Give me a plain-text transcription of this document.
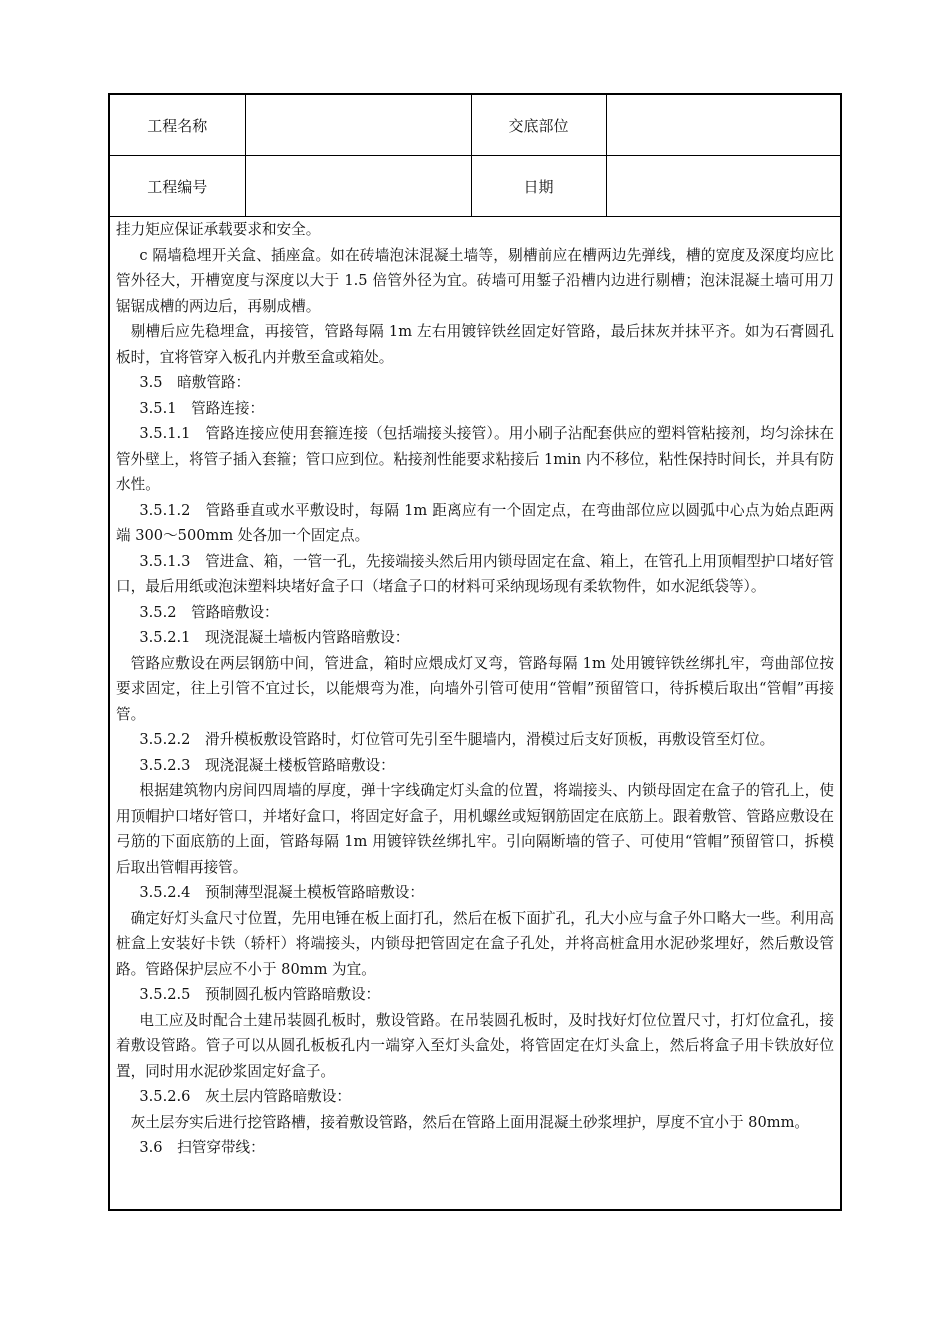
工程名称		交底部位	
工程编号		日期	

挂力矩应保证承载要求和安全。

c 隔墙稳埋开关盒、插座盒。如在砖墙泡沫混凝土墙等，剔槽前应在槽两边先弹线，槽的宽度及深度均应比管外径大，开槽宽度与深度以大于 1.5 倍管外径为宜。砖墙可用錾子沿槽内边进行剔槽；泡沫混凝土墙可用刀锯锯成槽的两边后，再剔成槽。

剔槽后应先稳埋盒，再接管，管路每隔 1m 左右用镀锌铁丝固定好管路，最后抹灰并抹平齐。如为石膏圆孔板时，宜将管穿入板孔内并敷至盒或箱处。

3.5　暗敷管路：

3.5.1　管路连接：

3.5.1.1　管路连接应使用套箍连接（包括端接头接管）。用小刷子沾配套供应的塑料管粘接剂，均匀涂抹在管外壁上，将管子插入套箍；管口应到位。粘接剂性能要求粘接后 1min 内不移位，粘性保持时间长，并具有防水性。

3.5.1.2　管路垂直或水平敷设时，每隔 1m 距离应有一个固定点，在弯曲部位应以圆弧中心点为始点距两端 300～500mm 处各加一个固定点。

3.5.1.3　管进盒、箱，一管一孔，先接端接头然后用内锁母固定在盒、箱上，在管孔上用顶帽型护口堵好管口，最后用纸或泡沫塑料块堵好盒子口（堵盒子口的材料可采纳现场现有柔软物件，如水泥纸袋等）。

3.5.2　管路暗敷设：

3.5.2.1　现浇混凝土墙板内管路暗敷设：

管路应敷设在两层钢筋中间，管进盒，箱时应煨成灯叉弯，管路每隔 1m 处用镀锌铁丝绑扎牢，弯曲部位按要求固定，往上引管不宜过长，以能煨弯为准，向墙外引管可使用“管帽”预留管口，待拆模后取出“管帽”再接管。

3.5.2.2　滑升模板敷设管路时，灯位管可先引至牛腿墙内，滑模过后支好顶板，再敷设管至灯位。

3.5.2.3　现浇混凝土楼板管路暗敷设：

根据建筑物内房间四周墙的厚度，弹十字线确定灯头盒的位置，将端接头、内锁母固定在盒子的管孔上，使用顶帽护口堵好管口，并堵好盒口，将固定好盒子，用机螺丝或短钢筋固定在底筋上。跟着敷管、管路应敷设在弓筋的下面底筋的上面，管路每隔 1m 用镀锌铁丝绑扎牢。引向隔断墙的管子、可使用“管帽”预留管口，拆模后取出管帽再接管。

3.5.2.4　预制薄型混凝土模板管路暗敷设：

确定好灯头盒尺寸位置，先用电锤在板上面打孔，然后在板下面扩孔，孔大小应与盒子外口略大一些。利用高桩盒上安装好卡铁（轿杆）将端接头，内锁母把管固定在盒子孔处，并将高桩盒用水泥砂浆埋好，然后敷设管路。管路保护层应不小于 80mm 为宜。

3.5.2.5　预制圆孔板内管路暗敷设：

电工应及时配合土建吊装圆孔板时，敷设管路。在吊装圆孔板时，及时找好灯位位置尺寸，打灯位盒孔，接着敷设管路。管子可以从圆孔板板孔内一端穿入至灯头盒处，将管固定在灯头盒上，然后将盒子用卡铁放好位置，同时用水泥砂浆固定好盒子。

3.5.2.6　灰土层内管路暗敷设：

灰土层夯实后进行挖管路槽，接着敷设管路，然后在管路上面用混凝土砂浆埋护，厚度不宜小于 80mm。

3.6　扫管穿带线：
